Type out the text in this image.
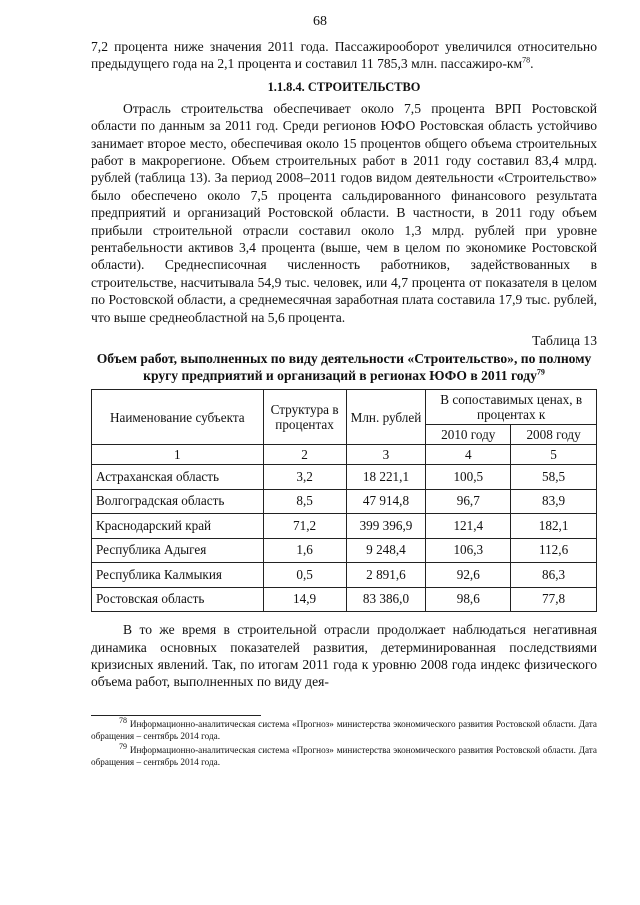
68

7,2 процента ниже значения 2011 года. Пассажирооборот увеличился относительно предыдущего года на 2,1 процента и составил 11 785,3 млн. пассажиро-$км^{78}$.

1.1.8.4. СТРОИТЕЛЬСТВО

Отрасль строительства обеспечивает около 7,5 процента ВРП Ростовской области по данным за 2011 год. Среди регионов ЮФО Ростовская область устойчиво занимает второе место, обеспечивая около 15 процентов общего объема строительных работ в макрорегионе. Объем строительных работ в 2011 году составил 83,4 млрд. рублей (таблица 13). За период 2008–2011 годов видом деятельности «Строительство» было обеспечено около 7,5 процента сальдированного финансового результата предприятий и организаций Ростовской области. В частности, в 2011 году объем прибыли строительной отрасли составил около 1,3 млрд. рублей при уровне рентабельности активов 3,4 процента (выше, чем в целом по экономике Ростовской области). Среднесписочная численность работников, задействованных в строительстве, насчитывала 54,9 тыс. человек, или 4,7 процента от показателя в целом по Ростовской области, а среднемесячная заработная плата составила 17,9 тыс. рублей, что выше среднеобластной на 5,6 процента.

Таблица 13
Объем работ, выполненных по виду деятельности «Строительство», по полному кругу предприятий и организаций в регионах ЮФО в 2011 году$^{79}$
Наименование субъекта	Структура в процентах	Млн. рублей	В сопоставимых ценах, в процентах к	
			2010 году	2008 году
1	2	3	4	5
Астраханская область	3,2	18 221,1	100,5	58,5
Волгоградская область	8,5	47 914,8	96,7	83,9
Краснодарский край	71,2	399 396,9	121,4	182,1
Республика Адыгея	1,6	9 248,4	106,3	112,6
Республика Калмыкия	0,5	2 891,6	92,6	86,3
Ростовская область	14,9	83 386,0	98,6	77,8

В то же время в строительной отрасли продолжает наблюдаться негативная динамика основных показателей развития, детерминированная последствиями кризисных явлений. Так, по итогам 2011 года к уровню 2008 года индекс физического объема работ, выполненных по виду дея-

$^{78}$ Информационно-аналитическая система «Прогноз» министерства экономического развития Ростовской области. Дата обращения – сентябрь 2014 года.
$^{79}$ Информационно-аналитическая система «Прогноз» министерства экономического развития Ростовской области. Дата обращения – сентябрь 2014 года.
